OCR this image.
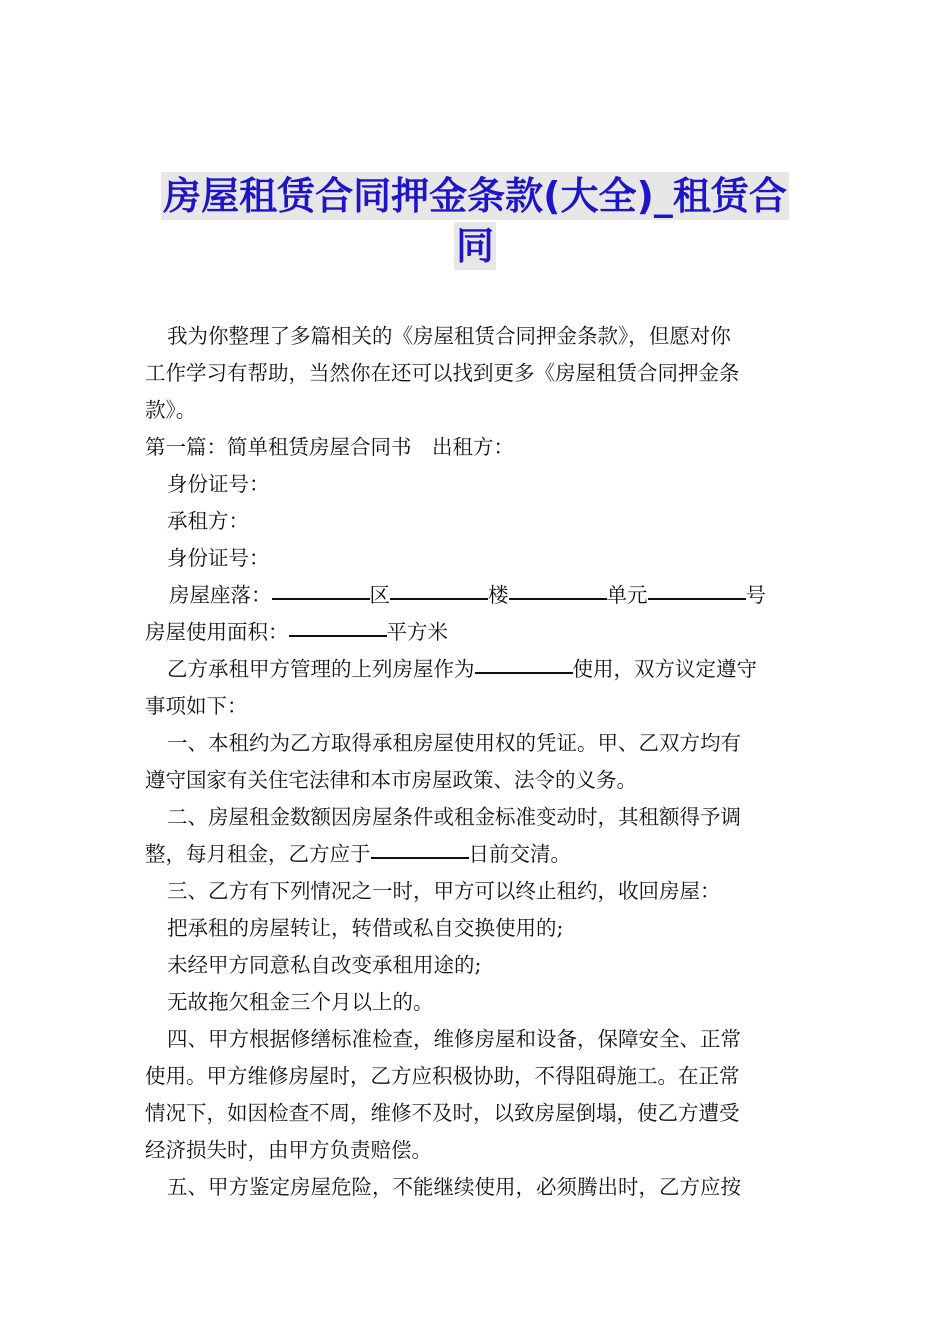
房屋租赁合同押金条款(大全)_租赁合
同

我为你整理了多篇相关的《房屋租赁合同押金条款》，但愿对你

工作学习有帮助，当然你在还可以找到更多《房屋租赁合同押金条

款》。

第一篇：简单租赁房屋合同书　出租方：

身份证号：

承租方：

身份证号：

房屋座落：	区	楼	单元	号

房屋使用面积：	平方米

乙方承租甲方管理的上列房屋作为	使用，双方议定遵守

事项如下：

一、本租约为乙方取得承租房屋使用权的凭证。甲、乙双方均有

遵守国家有关住宅法律和本市房屋政策、法令的义务。

二、房屋租金数额因房屋条件或租金标准变动时，其租额得予调

整，每月租金，乙方应于	日前交清。

三、乙方有下列情况之一时，甲方可以终止租约，收回房屋：

把承租的房屋转让，转借或私自交换使用的;

未经甲方同意私自改变承租用途的;

无故拖欠租金三个月以上的。

四、甲方根据修缮标准检查，维修房屋和设备，保障安全、正常

使用。甲方维修房屋时，乙方应积极协助，不得阻碍施工。在正常

情况下，如因检查不周，维修不及时，以致房屋倒塌，使乙方遭受

经济损失时，由甲方负责赔偿。

五、甲方鉴定房屋危险，不能继续使用，必须腾出时，乙方应按
